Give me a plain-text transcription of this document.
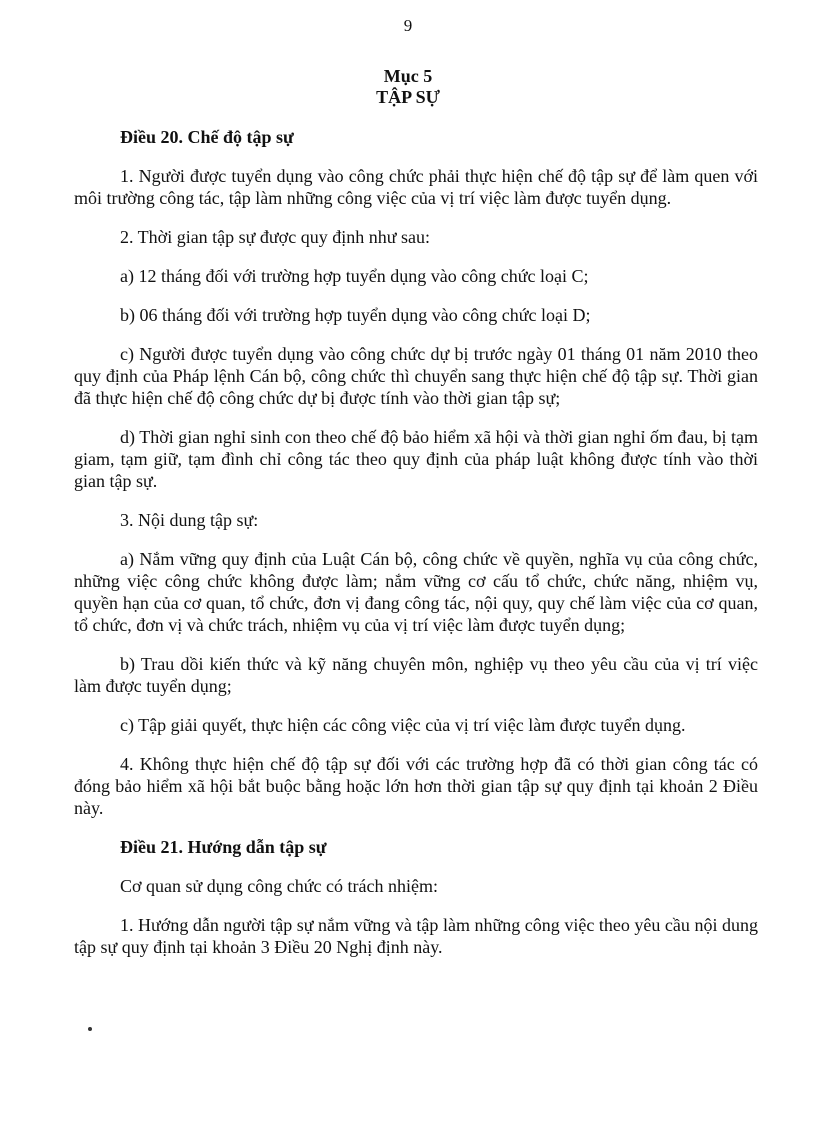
9
Mục 5
TẬP SỰ
Điều 20. Chế độ tập sự

1. Người được tuyển dụng vào công chức phải thực hiện chế độ tập sự để làm quen với môi trường công tác, tập làm những công việc của vị trí việc làm được tuyển dụng.

2. Thời gian tập sự được quy định như sau:

a) 12 tháng đối với trường hợp tuyển dụng vào công chức loại C;

b) 06 tháng đối với trường hợp tuyển dụng vào công chức loại D;

c) Người được tuyển dụng vào công chức dự bị trước ngày 01 tháng 01 năm 2010 theo quy định của Pháp lệnh Cán bộ, công chức thì chuyển sang thực hiện chế độ tập sự. Thời gian đã thực hiện chế độ công chức dự bị được tính vào thời gian tập sự;

d) Thời gian nghỉ sinh con theo chế độ bảo hiểm xã hội và thời gian nghỉ ốm đau, bị tạm giam, tạm giữ, tạm đình chỉ công tác theo quy định của pháp luật không được tính vào thời gian tập sự.

3. Nội dung tập sự:

a) Nắm vững quy định của Luật Cán bộ, công chức về quyền, nghĩa vụ của công chức, những việc công chức không được làm; nắm vững cơ cấu tổ chức, chức năng, nhiệm vụ, quyền hạn của cơ quan, tổ chức, đơn vị đang công tác, nội quy, quy chế làm việc của cơ quan, tổ chức, đơn vị và chức trách, nhiệm vụ của vị trí việc làm được tuyển dụng;

b) Trau dồi kiến thức và kỹ năng chuyên môn, nghiệp vụ theo yêu cầu của vị trí việc làm được tuyển dụng;

c) Tập giải quyết, thực hiện các công việc của vị trí việc làm được tuyển dụng.

4. Không thực hiện chế độ tập sự đối với các trường hợp đã có thời gian công tác có đóng bảo hiểm xã hội bắt buộc bằng hoặc lớn hơn thời gian tập sự quy định tại khoản 2 Điều này.

Điều 21. Hướng dẫn tập sự

Cơ quan sử dụng công chức có trách nhiệm:

1. Hướng dẫn người tập sự nắm vững và tập làm những công việc theo yêu cầu nội dung tập sự quy định tại khoản 3 Điều 20 Nghị định này.
